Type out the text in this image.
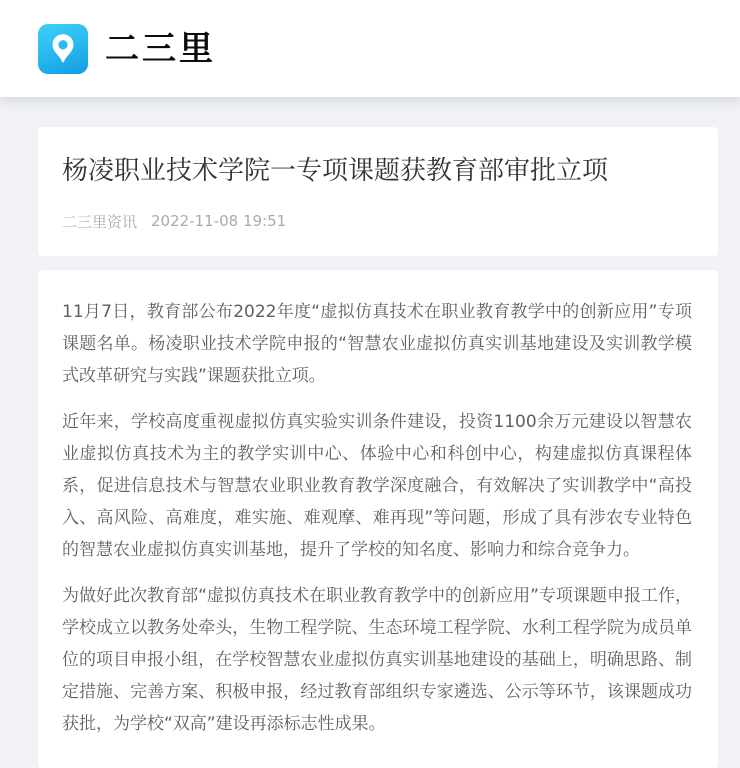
二三里
杨凌职业技术学院一专项课题获教育部审批立项
二三里资讯 2022-11-08 19:51

11月7日，教育部公布2022年度“虚拟仿真技术在职业教育教学中的创新应用”专项课题名单。杨凌职业技术学院申报的“智慧农业虚拟仿真实训基地建设及实训教学模式改革研究与实践”课题获批立项。

近年来，学校高度重视虚拟仿真实验实训条件建设，投资1100余万元建设以智慧农业虚拟仿真技术为主的教学实训中心、体验中心和科创中心，构建虚拟仿真课程体系，促进信息技术与智慧农业职业教育教学深度融合，有效解决了实训教学中“高投入、高风险、高难度，难实施、难观摩、难再现”等问题，形成了具有涉农专业特色的智慧农业虚拟仿真实训基地，提升了学校的知名度、影响力和综合竞争力。

为做好此次教育部“虚拟仿真技术在职业教育教学中的创新应用”专项课题申报工作，学校成立以教务处牵头，生物工程学院、生态环境工程学院、水利工程学院为成员单位的项目申报小组，在学校智慧农业虚拟仿真实训基地建设的基础上，明确思路、制定措施、完善方案、积极申报，经过教育部组织专家遴选、公示等环节，该课题成功获批，为学校“双高”建设再添标志性成果。
